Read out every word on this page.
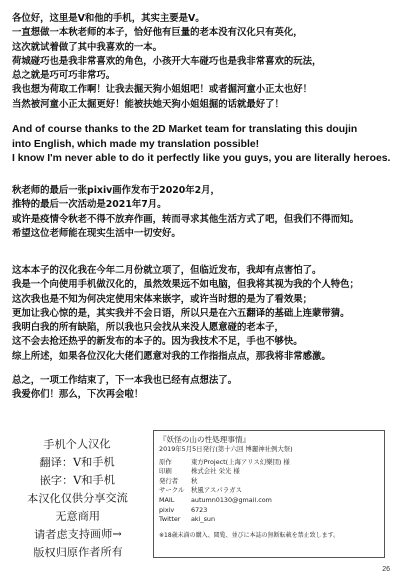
各位好，这里是V和他的手机，其实主要是V。
一直想做一本秋老师的本子，恰好他有巨量的老本没有汉化只有英化，
这次就试着做了其中我喜欢的一本。
荷城碰巧也是我非常喜欢的角色，小孩开大车碰巧也是我非常喜欢的玩法，
总之就是巧可巧非常巧。
我也想为荷取工作啊！让我去掘天狗小姐姐吧！或者掘河童小正太也好！
当然被河童小正太掘更好！能被扶她天狗小姐姐掘的话就最好了！
And of course thanks to the 2D Market team for translating this doujin
into English, which made my translation possible!
I know I'm never able to do it perfectly like you guys, you are literally heroes.
秋老师的最后一张pixiv画作发布于2020年2月，
推特的最后一次活动是2021年7月。
或许是疫情令秋老不得不放弃作画，转而寻求其他生活方式了吧，但我们不得而知。
希望这位老师能在现实生活中一切安好。
这本本子的汉化我在今年二月份就立项了，但临近发布，我却有点害怕了。
我是一个向使用手机做汉化的，虽然效果远不如电脑，但我将其视为我的个人特色；
这次我也是不知为何决定使用宋体来嵌字，或许当时想的是为了看效果；
更加让我心惊的是，其实我并不会日语，所以只是在六五翻译的基础上连蒙带猜。
我明白我的所有缺陷，所以我也只会找从来没人愿意碰的老本子，
这不会去抢还热乎的新发布的本子的。因为我技术不足，手也不够快。
综上所述，如果各位汉化大佬们愿意对我的工作指指点点，那我将非常感激。
总之，一项工作结束了，下一本我也已经有点想法了。
我爱你们！那么，下次再会啦！
手机个人汉化
翻译：V和手机
嵌字：V和手机
本汉化仅供分享交流
无意商用
请者虑支持画师→
版权归原作者所有
『妖怪の山の性処理事情』
2019年5月5日発行(第十六回 博麗神社例大祭)
原作	東方Project(上海アリス幻樂団) 様
印刷	株式会社 栄光 様
発行者	秋
サークル	秋風アスパラガス
MAIL	autumn0130@gmail.com
pixiv	6723
Twitter	aki_sun
※18歳未満の購入、閲覧、並びに本誌の無断転載を禁止致します。
26
